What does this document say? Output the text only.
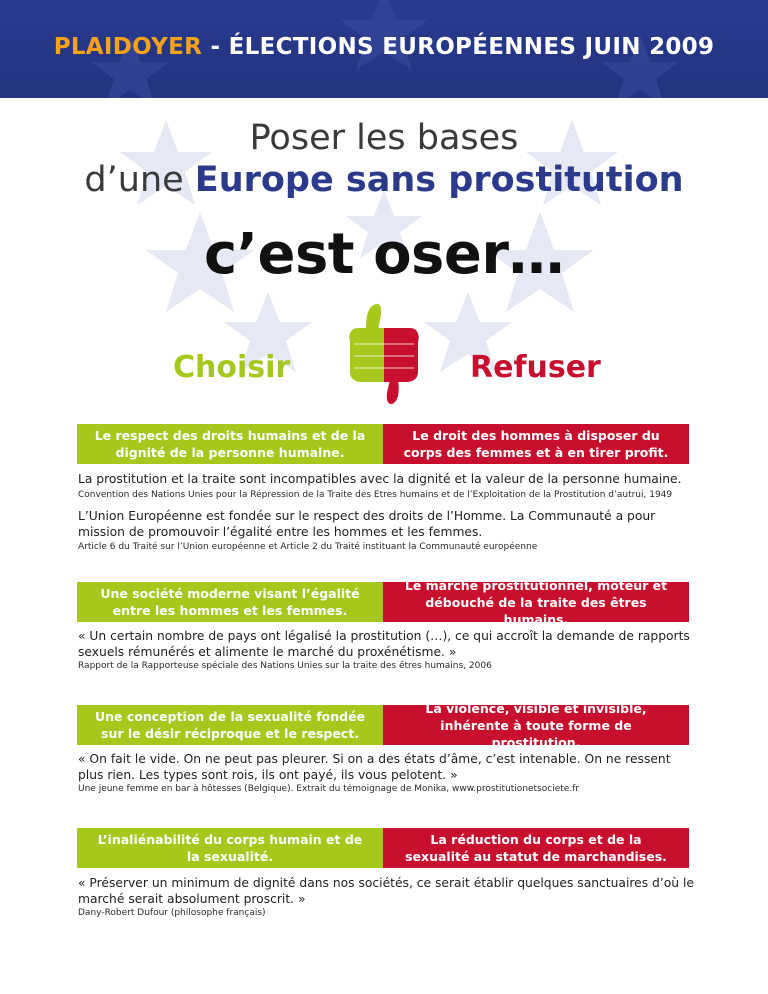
PLAIDOYER - ÉLECTIONS EUROPÉENNES JUIN 2009
Poser les bases
d’une Europe sans prostitution
c’est oser…
Choisir	Refuser
Le respect des droits humains et de la dignité de la personne humaine.
Le droit des hommes à disposer du corps des femmes et à en tirer profit.
La prostitution et la traite sont incompatibles avec la dignité et la valeur de la personne humaine.
Convention des Nations Unies pour la Répression de la Traite des Etres humains et de l’Exploitation de la Prostitution d’autrui, 1949
L’Union Européenne est fondée sur le respect des droits de l’Homme. La Communauté a pour mission de promouvoir l’égalité entre les hommes et les femmes.
Article 6 du Traité sur l’Union européenne et Article 2 du Traité instituant la Communauté européenne
Une société moderne visant l’égalité entre les hommes et les femmes.
Le marché prostitutionnel, moteur et débouché de la traite des êtres humains.
« Un certain nombre de pays ont légalisé la prostitution (…), ce qui accroît la demande de rapports sexuels rémunérés et alimente le marché du proxénétisme. »
Rapport de la Rapporteuse spéciale des Nations Unies sur la traite des êtres humains, 2006
Une conception de la sexualité fondée sur le désir réciproque et le respect.
La violence, visible et invisible, inhérente à toute forme de prostitution.
« On fait le vide. On ne peut pas pleurer. Si on a des états d’âme, c’est intenable. On ne ressent plus rien. Les types sont rois, ils ont payé, ils vous pelotent. »
Une jeune femme en bar à hôtesses (Belgique). Extrait du témoignage de Monika, www.prostitutionetsociete.fr
L’inaliénabilité du corps humain et de la sexualité.
La réduction du corps et de la sexualité au statut de marchandises.
« Préserver un minimum de dignité dans nos sociétés, ce serait établir quelques sanctuaires d’où le marché serait absolument proscrit. »
Dany-Robert Dufour (philosophe français)
